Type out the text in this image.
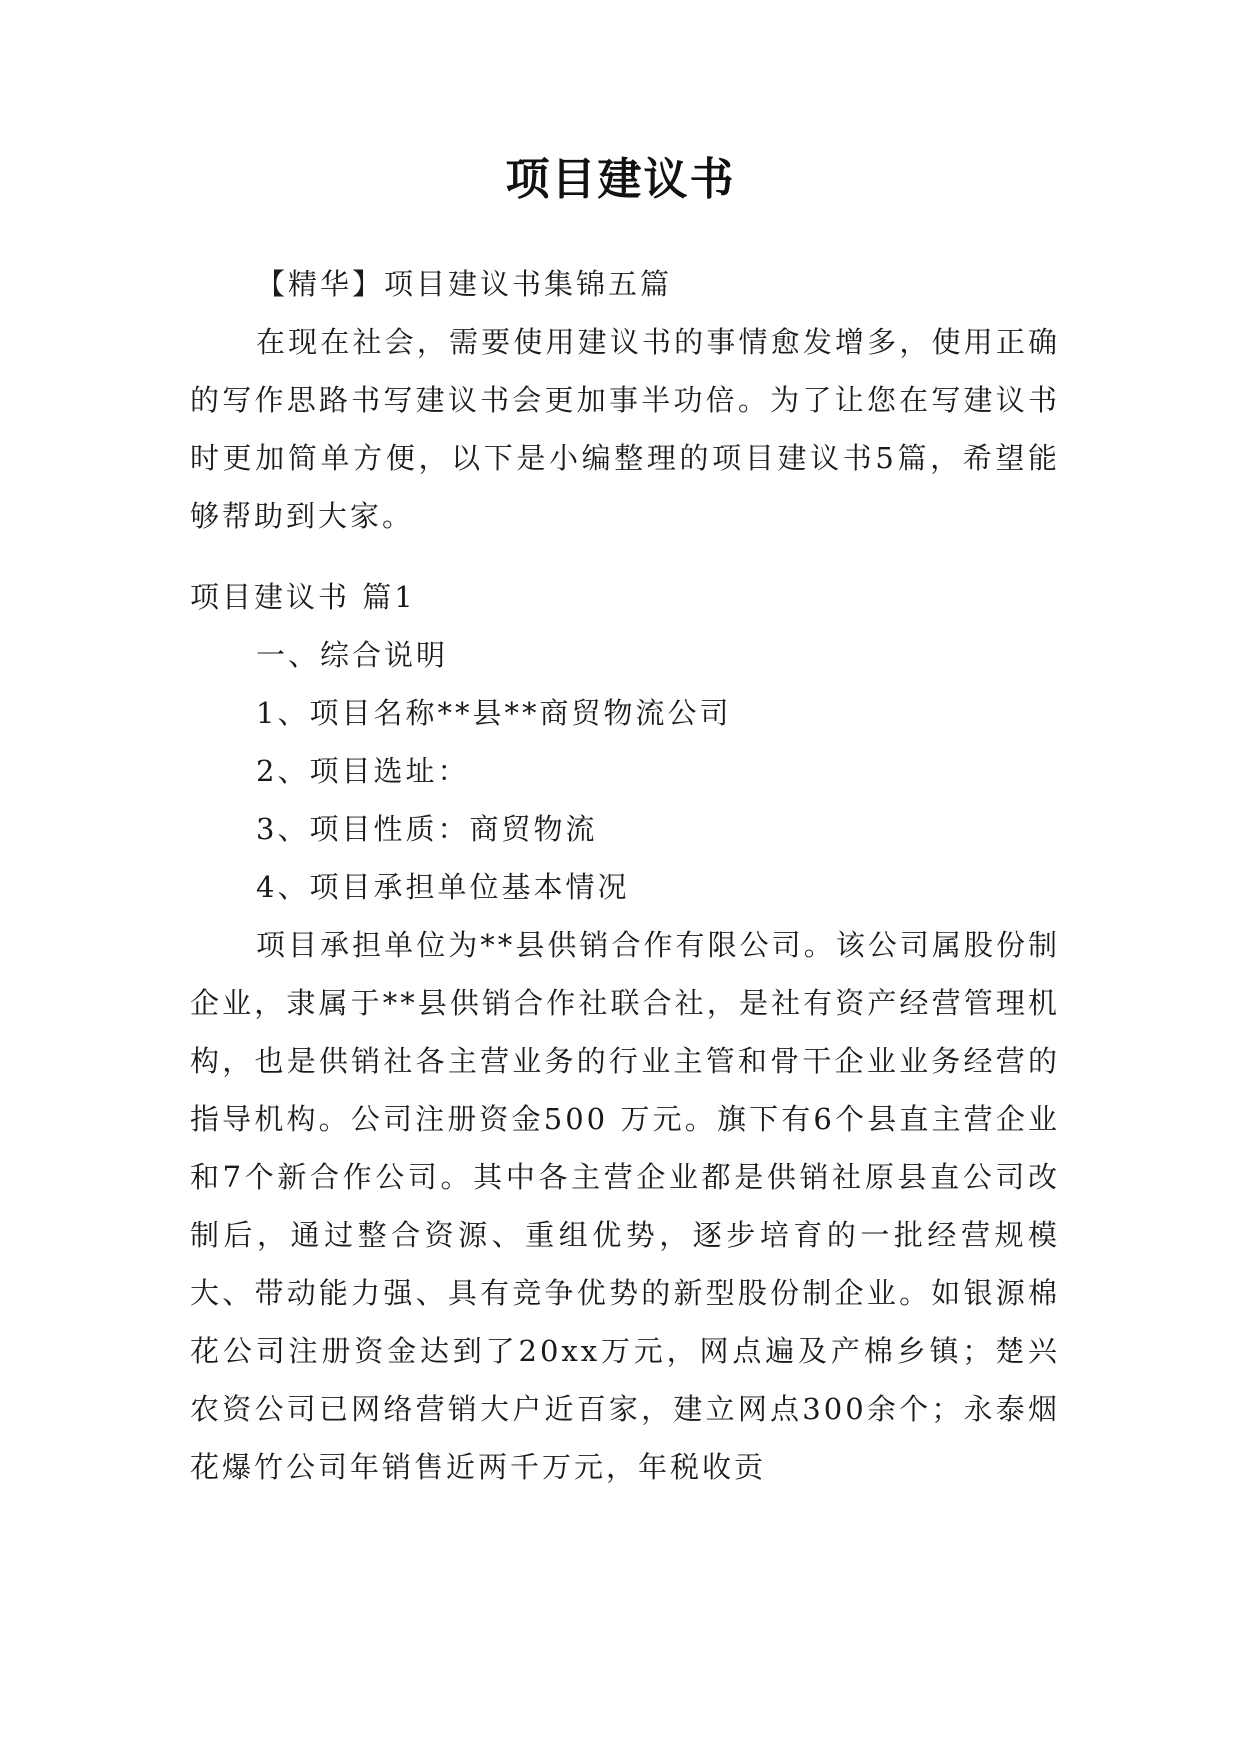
项目建议书
【精华】项目建议书集锦五篇
在现在社会，需要使用建议书的事情愈发增多，使用正确的写作思路书写建议书会更加事半功倍。为了让您在写建议书时更加简单方便，以下是小编整理的项目建议书5篇，希望能够帮助到大家。
项目建议书 篇1
一、综合说明
1、项目名称**县**商贸物流公司
2、项目选址：
3、项目性质：商贸物流
4、项目承担单位基本情况
项目承担单位为**县供销合作有限公司。该公司属股份制企业，隶属于**县供销合作社联合社，是社有资产经营管理机构，也是供销社各主营业务的行业主管和骨干企业业务经营的指导机构。公司注册资金500 万元。旗下有6个县直主营企业和7个新合作公司。其中各主营企业都是供销社原县直公司改制后，通过整合资源、重组优势，逐步培育的一批经营规模大、带动能力强、具有竞争优势的新型股份制企业。如银源棉花公司注册资金达到了20xx万元，网点遍及产棉乡镇；楚兴农资公司已网络营销大户近百家，建立网点300余个；永泰烟花爆竹公司年销售近两千万元，年税收贡
